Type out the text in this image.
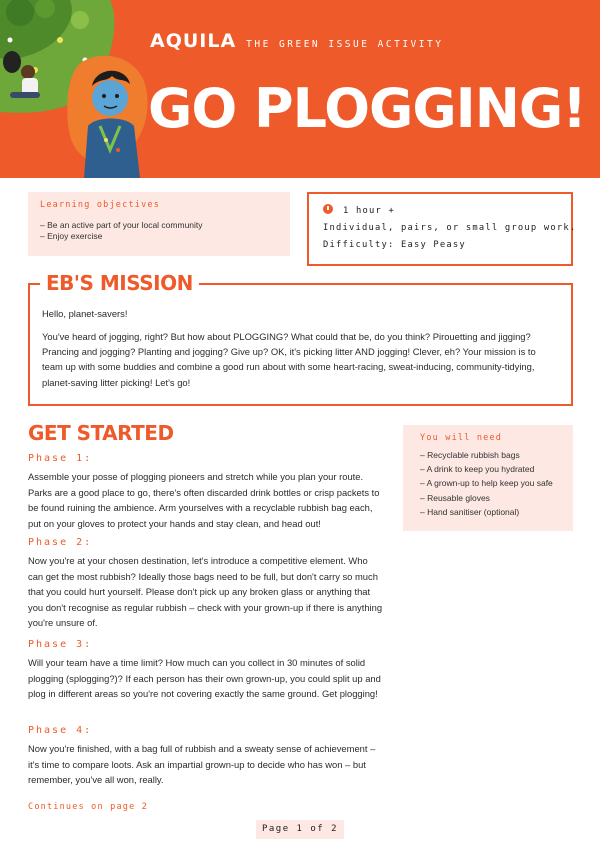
AQUILA THE GREEN ISSUE ACTIVITY
GO PLOGGING!
Learning objectives
– Be an active part of your local community
– Enjoy exercise
1 hour +
Individual, pairs, or small group work.
Difficulty: Easy Peasy
EB'S MISSION

Hello, planet-savers!

You've heard of jogging, right? But how about PLOGGING? What could that be, do you think? Pirouetting and jigging? Prancing and jogging? Planting and jogging? Give up? OK, it's picking litter AND jogging! Clever, eh? Your mission is to team up with some buddies and combine a good run about with some heart-racing, sweat-inducing, community-tidying, planet-saving litter picking! Let's go!

GET STARTED
Phase 1:

Assemble your posse of plogging pioneers and stretch while you plan your route. Parks are a good place to go, there's often discarded drink bottles or crisp packets to be found ruining the ambience. Arm yourselves with a recyclable rubbish bag each, put on your gloves to protect your hands and stay clean, and head out!

Phase 2:

Now you're at your chosen destination, let's introduce a competitive element. Who can get the most rubbish? Ideally those bags need to be full, but don't carry so much that you could hurt yourself. Please don't pick up any broken glass or anything that you don't recognise as regular rubbish – check with your grown-up if there is anything you're unsure of.

Phase 3:

Will your team have a time limit? How much can you collect in 30 minutes of solid plogging (splogging?)? If each person has their own grown-up, you could split up and plog in different areas so you're not covering exactly the same ground. Get plogging!

Phase 4:

Now you're finished, with a bag full of rubbish and a sweaty sense of achievement – it's time to compare loots. Ask an impartial grown-up to decide who has won – but remember, you've all won, really.

You will need
– Recyclable rubbish bags
– A drink to keep you hydrated
– A grown-up to help keep you safe
– Reusable gloves
– Hand sanitiser (optional)
Continues on page 2
Page 1 of 2
